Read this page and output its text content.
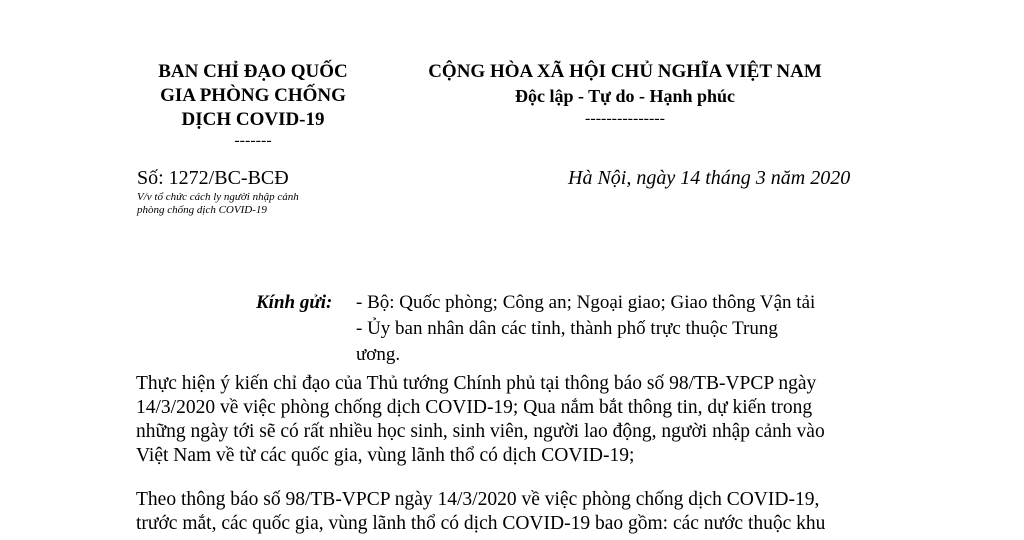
BAN CHỈ ĐẠO QUỐC
GIA PHÒNG CHỐNG
DỊCH COVID-19
-------
CỘNG HÒA XÃ HỘI CHỦ NGHĨA VIỆT NAM
Độc lập - Tự do - Hạnh phúc
---------------
Số: 1272/BC-BCĐ
V/v tổ chức cách ly người nhập cảnh
phòng chống dịch COVID-19
Hà Nội, ngày 14 tháng 3 năm 2020
Kính gửi: - Bộ: Quốc phòng; Công an; Ngoại giao; Giao thông Vận tải
- Ủy ban nhân dân các tỉnh, thành phố trực thuộc Trung
ương.
Thực hiện ý kiến chỉ đạo của Thủ tướng Chính phủ tại thông báo số 98/TB-VPCP ngày
14/3/2020 về việc phòng chống dịch COVID-19; Qua nắm bắt thông tin, dự kiến trong
những ngày tới sẽ có rất nhiều học sinh, sinh viên, người lao động, người nhập cảnh vào
Việt Nam về từ các quốc gia, vùng lãnh thổ có dịch COVID-19;
Theo thông báo số 98/TB-VPCP ngày 14/3/2020 về việc phòng chống dịch COVID-19,
trước mắt, các quốc gia, vùng lãnh thổ có dịch COVID-19 bao gồm: các nước thuộc khu
